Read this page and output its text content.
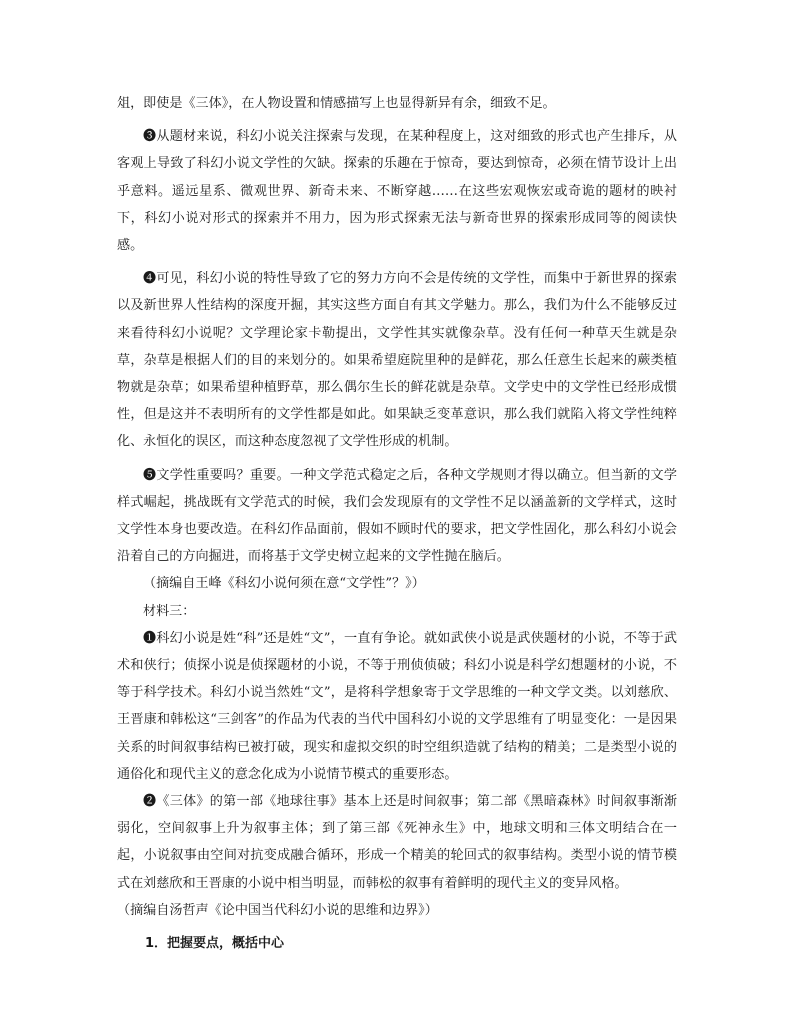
俎，即使是《三体》，在人物设置和情感描写上也显得新异有余，细致不足。

❸从题材来说，科幻小说关注探索与发现，在某种程度上，这对细致的形式也产生排斥，从客观上导致了科幻小说文学性的欠缺。探索的乐趣在于惊奇，要达到惊奇，必须在情节设计上出乎意料。遥远星系、微观世界、新奇未来、不断穿越……在这些宏观恢宏或奇诡的题材的映衬下，科幻小说对形式的探索并不用力，因为形式探索无法与新奇世界的探索形成同等的阅读快感。

❹可见，科幻小说的特性导致了它的努力方向不会是传统的文学性，而集中于新世界的探索以及新世界人性结构的深度开掘，其实这些方面自有其文学魅力。那么，我们为什么不能够反过来看待科幻小说呢？文学理论家卡勒提出，文学性其实就像杂草。没有任何一种草天生就是杂草，杂草是根据人们的目的来划分的。如果希望庭院里种的是鲜花，那么任意生长起来的蕨类植物就是杂草；如果希望种植野草，那么偶尔生长的鲜花就是杂草。文学史中的文学性已经形成惯性，但是这并不表明所有的文学性都是如此。如果缺乏变革意识，那么我们就陷入将文学性纯粹化、永恒化的误区，而这种态度忽视了文学性形成的机制。

❺文学性重要吗？重要。一种文学范式稳定之后，各种文学规则才得以确立。但当新的文学样式崛起，挑战既有文学范式的时候，我们会发现原有的文学性不足以涵盖新的文学样式，这时文学性本身也要改造。在科幻作品面前，假如不顾时代的要求，把文学性固化，那么科幻小说会沿着自己的方向掘进，而将基于文学史树立起来的文学性抛在脑后。

（摘编自王峰《科幻小说何须在意“文学性”？》）

材料三：

❶科幻小说是姓“科”还是姓“文”，一直有争论。就如武侠小说是武侠题材的小说，不等于武术和侠行；侦探小说是侦探题材的小说，不等于刑侦侦破；科幻小说是科学幻想题材的小说，不等于科学技术。科幻小说当然姓“文”，是将科学想象寄于文学思维的一种文学文类。以刘慈欣、王晋康和韩松这“三剑客”的作品为代表的当代中国科幻小说的文学思维有了明显变化：一是因果关系的时间叙事结构已被打破，现实和虚拟交织的时空组织造就了结构的精美；二是类型小说的通俗化和现代主义的意念化成为小说情节模式的重要形态。

❷《三体》的第一部《地球往事》基本上还是时间叙事；第二部《黑暗森林》时间叙事渐渐弱化，空间叙事上升为叙事主体；到了第三部《死神永生》中，地球文明和三体文明结合在一起，小说叙事由空间对抗变成融合循环，形成一个精美的轮回式的叙事结构。类型小说的情节模式在刘慈欣和王晋康的小说中相当明显，而韩松的叙事有着鲜明的现代主义的变异风格。

（摘编自汤哲声《论中国当代科幻小说的思维和边界》）

1．把握要点，概括中心
